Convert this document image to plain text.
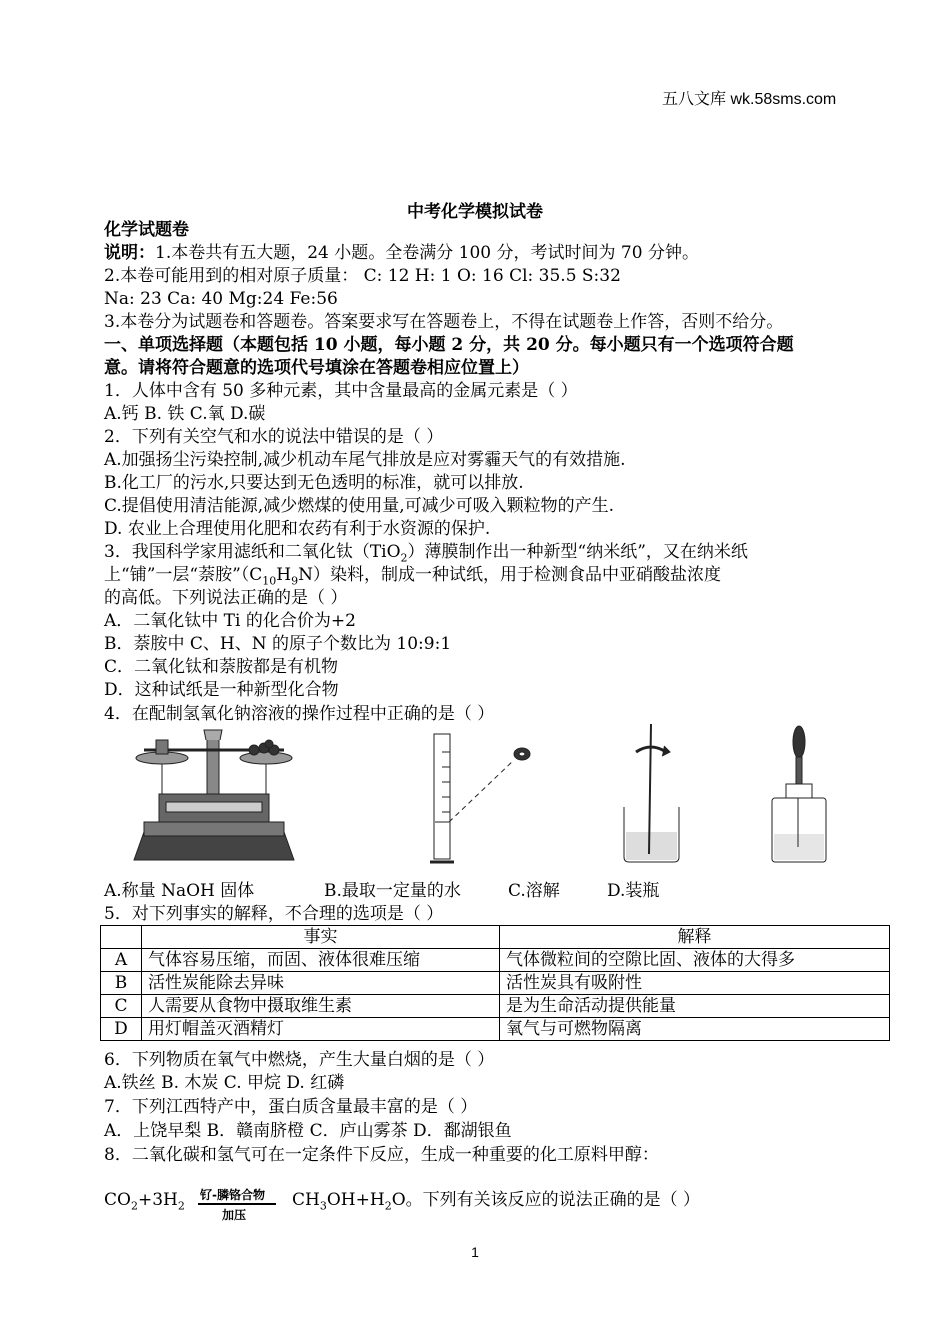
五八文库 wk.58sms.com
中考化学模拟试卷
化学试题卷
说明：1.本卷共有五大题，24 小题。全卷满分 100 分，考试时间为 70 分钟。
2.本卷可能用到的相对原子质量： C: 12 H: 1 O: 16 Cl: 35.5 S:32
Na: 23 Ca: 40 Mg:24 Fe:56
3.本卷分为试题卷和答题卷。答案要求写在答题卷上，不得在试题卷上作答，否则不给分。
一、单项选择题（本题包括 10 小题，每小题 2 分，共 20 分。每小题只有一个选项符合题
意。请将符合题意的选项代号填涂在答题卷相应位置上）
1．人体中含有 50 多种元素，其中含量最高的金属元素是（ ）
A.钙 B. 铁 C.氧 D.碳
2．下列有关空气和水的说法中错误的是（ ）
A.加强扬尘污染控制,减少机动车尾气排放是应对雾霾天气的有效措施.
B.化工厂的污水,只要达到无色透明的标准，就可以排放.
C.提倡使用清洁能源,减少燃煤的使用量,可减少可吸入颗粒物的产生.
D. 农业上合理使用化肥和农药有利于水资源的保护.
3．我国科学家用滤纸和二氧化钛（TiO$_2$）薄膜制作出一种新型“纳米纸”，又在纳米纸
上“铺”一层“萘胺$”(C_{10}H_9N)$染料，制成一种试纸，用于检测食品中亚硝酸盐浓度
的高低。下列说法正确的是（ ）
A．二氧化钛中 Ti 的化合价为+2
B．萘胺中 C、H、N 的原子个数比为 10:9:1
C．二氧化钛和萘胺都是有机物
D．这种试纸是一种新型化合物
4．在配制氢氧化钠溶液的操作过程中正确的是（ ）
A.称量 NaOH 固体	B.最取一定量的水	C.溶解	D.装瓶
5．对下列事实的解释，不合理的选项是（ ）
	事实	解释
A	气体容易压缩，而固、液体很难压缩	气体微粒间的空隙比固、液体的大得多
B	活性炭能除去异味	活性炭具有吸附性
C	人需要从食物中摄取维生素	是为生命活动提供能量
D	用灯帽盖灭酒精灯	氧气与可燃物隔离
6．下列物质在氧气中燃烧，产生大量白烟的是（ ）
A.铁丝 B. 木炭 C. 甲烷 D. 红磷
7．下列江西特产中，蛋白质含量最丰富的是（ ）
A．上饶早梨 B．赣南脐橙 C．庐山雾茶 D．鄱湖银鱼
8．二氧化碳和氢气可在一定条件下反应，生成一种重要的化工原料甲醇：
$CO_2+3H_2$
钌-膦铬合物
加压
$CH_3OH+H_2O$。下列有关该反应的说法正确的是（ ）
1
